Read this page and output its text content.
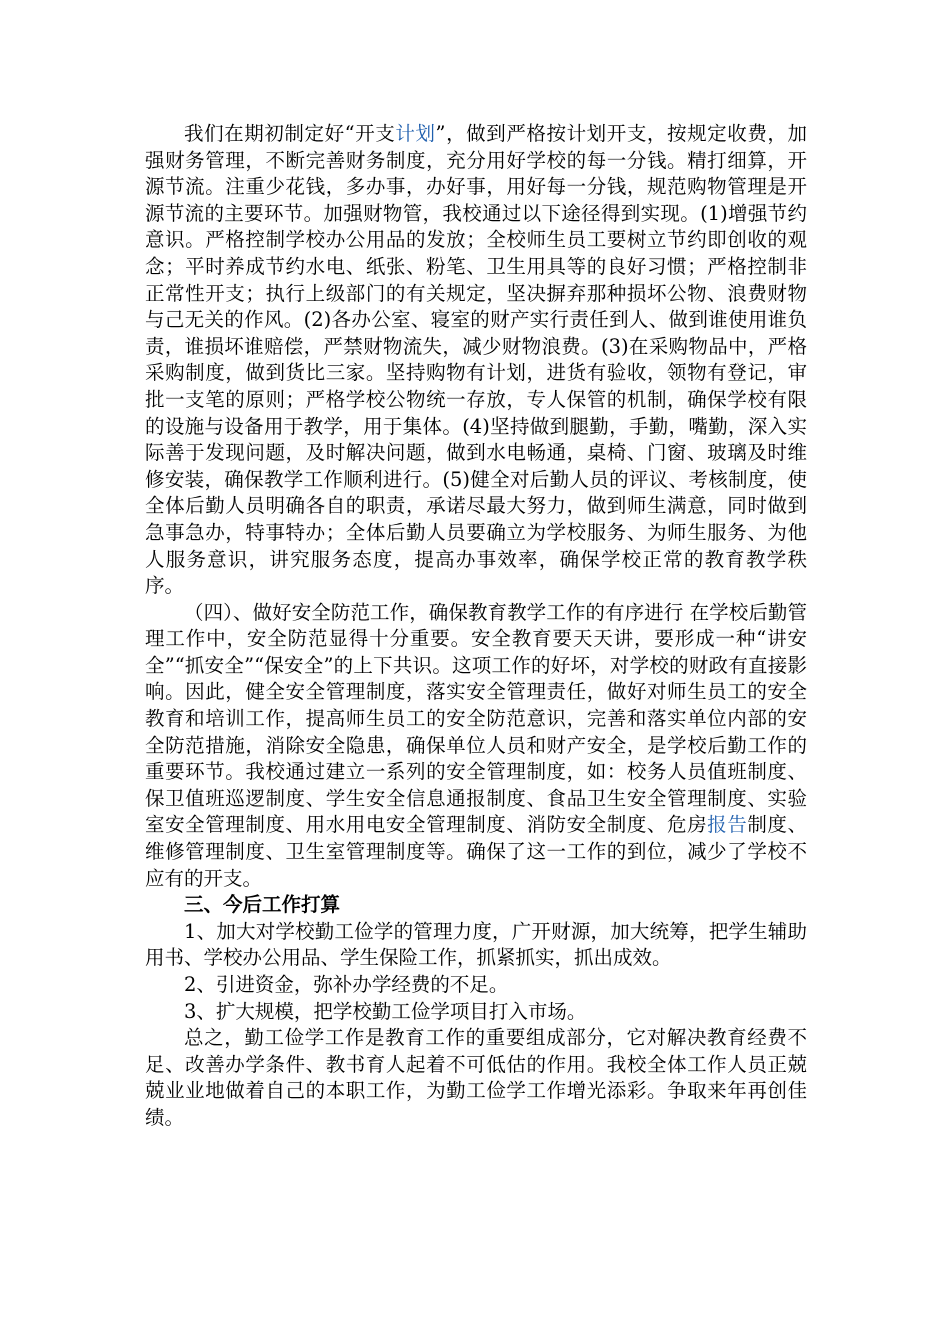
我们在期初制定好“开支计划”，做到严格按计划开支，按规定收费，加强财务管理，不断完善财务制度，充分用好学校的每一分钱。精打细算，开源节流。注重少花钱，多办事，办好事，用好每一分钱，规范购物管理是开源节流的主要环节。加强财物管，我校通过以下途径得到实现。(1)增强节约意识。严格控制学校办公用品的发放；全校师生员工要树立节约即创收的观念；平时养成节约水电、纸张、粉笔、卫生用具等的良好习惯；严格控制非正常性开支；执行上级部门的有关规定，坚决摒弃那种损坏公物、浪费财物与己无关的作风。(2)各办公室、寝室的财产实行责任到人、做到谁使用谁负责，谁损坏谁赔偿，严禁财物流失，减少财物浪费。(3)在采购物品中，严格采购制度，做到货比三家。坚持购物有计划，进货有验收，领物有登记，审批一支笔的原则；严格学校公物统一存放，专人保管的机制，确保学校有限的设施与设备用于教学，用于集体。(4)坚持做到腿勤，手勤，嘴勤，深入实际善于发现问题，及时解决问题，做到水电畅通，桌椅、门窗、玻璃及时维修安装，确保教学工作顺利进行。(5)健全对后勤人员的评议、考核制度，使全体后勤人员明确各自的职责，承诺尽最大努力，做到师生满意，同时做到急事急办，特事特办；全体后勤人员要确立为学校服务、为师生服务、为他人服务意识，讲究服务态度，提高办事效率，确保学校正常的教育教学秩序。

（四）、做好安全防范工作，确保教育教学工作的有序进行 在学校后勤管理工作中，安全防范显得十分重要。安全教育要天天讲，要形成一种“讲安全”“抓安全”“保安全”的上下共识。这项工作的好坏，对学校的财政有直接影响。因此，健全安全管理制度，落实安全管理责任，做好对师生员工的安全教育和培训工作，提高师生员工的安全防范意识，完善和落实单位内部的安全防范措施，消除安全隐患，确保单位人员和财产安全，是学校后勤工作的重要环节。我校通过建立一系列的安全管理制度，如：校务人员值班制度、保卫值班巡逻制度、学生安全信息通报制度、食品卫生安全管理制度、实验室安全管理制度、用水用电安全管理制度、消防安全制度、危房报告制度、维修管理制度、卫生室管理制度等。确保了这一工作的到位，减少了学校不应有的开支。

三、今后工作打算

1、加大对学校勤工俭学的管理力度，广开财源，加大统筹，把学生辅助用书、学校办公用品、学生保险工作，抓紧抓实，抓出成效。

2、引进资金，弥补办学经费的不足。

3、扩大规模，把学校勤工俭学项目打入市场。

总之，勤工俭学工作是教育工作的重要组成部分，它对解决教育经费不足、改善办学条件、教书育人起着不可低估的作用。我校全体工作人员正兢兢业业地做着自己的本职工作，为勤工俭学工作增光添彩。争取来年再创佳绩。
